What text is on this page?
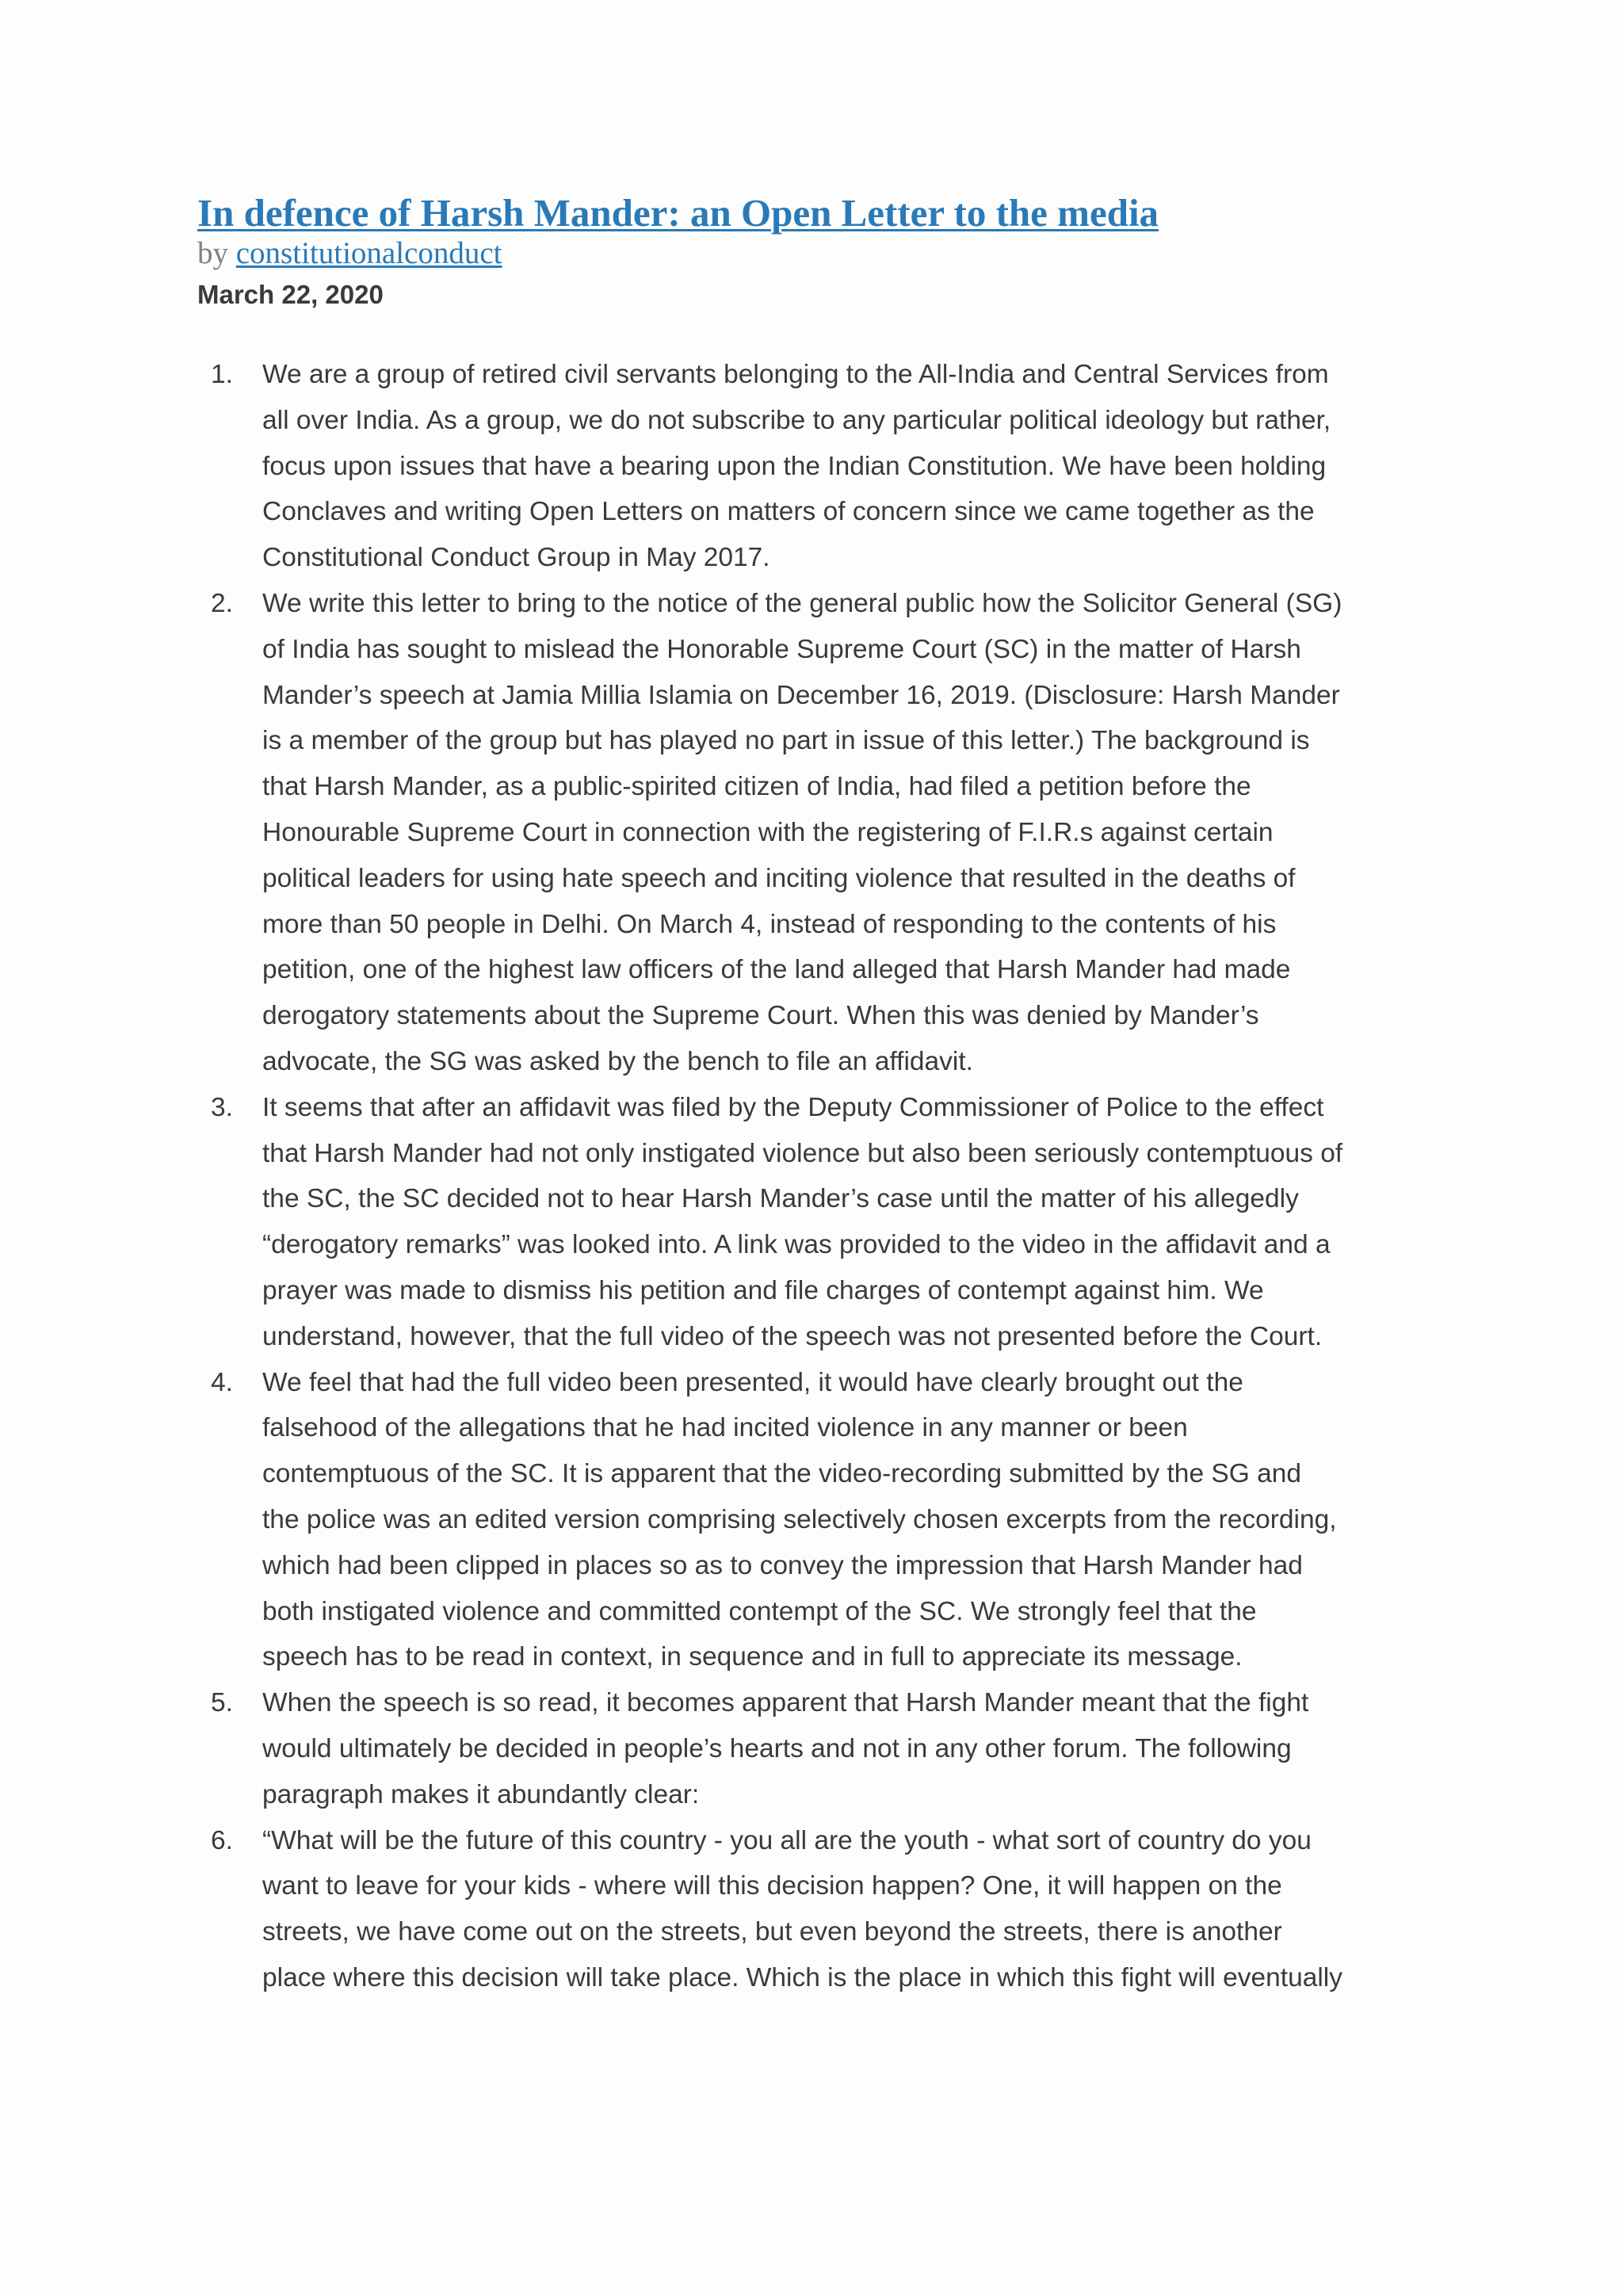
In defence of Harsh Mander: an Open Letter to the media
by constitutionalconduct
March 22, 2020
1.	We are a group of retired civil servants belonging to the All-India and Central Services from
all over India. As a group, we do not subscribe to any particular political ideology but rather,
focus upon issues that have a bearing upon the Indian Constitution. We have been holding
Conclaves and writing Open Letters on matters of concern since we came together as the
Constitutional Conduct Group in May 2017.
2.	We write this letter to bring to the notice of the general public how the Solicitor General (SG)
of India has sought to mislead the Honorable Supreme Court (SC) in the matter of Harsh
Mander’s speech at Jamia Millia Islamia on December 16, 2019. (Disclosure: Harsh Mander
is a member of the group but has played no part in issue of this letter.) The background is
that Harsh Mander, as a public-spirited citizen of India, had filed a petition before the
Honourable Supreme Court in connection with the registering of F.I.R.s against certain
political leaders for using hate speech and inciting violence that resulted in the deaths of
more than 50 people in Delhi. On March 4, instead of responding to the contents of his
petition, one of the highest law officers of the land alleged that Harsh Mander had made
derogatory statements about the Supreme Court. When this was denied by Mander’s
advocate, the SG was asked by the bench to file an affidavit.
3.	It seems that after an affidavit was filed by the Deputy Commissioner of Police to the effect
that Harsh Mander had not only instigated violence but also been seriously contemptuous of
the SC, the SC decided not to hear Harsh Mander’s case until the matter of his allegedly
“derogatory remarks” was looked into. A link was provided to the video in the affidavit and a
prayer was made to dismiss his petition and file charges of contempt against him. We
understand, however, that the full video of the speech was not presented before the Court.
4.	We feel that had the full video been presented, it would have clearly brought out the
falsehood of the allegations that he had incited violence in any manner or been
contemptuous of the SC. It is apparent that the video-recording submitted by the SG and
the police was an edited version comprising selectively chosen excerpts from the recording,
which had been clipped in places so as to convey the impression that Harsh Mander had
both instigated violence and committed contempt of the SC. We strongly feel that the
speech has to be read in context, in sequence and in full to appreciate its message.
5.	When the speech is so read, it becomes apparent that Harsh Mander meant that the fight
would ultimately be decided in people’s hearts and not in any other forum. The following
paragraph makes it abundantly clear:
6.	“What will be the future of this country - you all are the youth - what sort of country do you
want to leave for your kids - where will this decision happen? One, it will happen on the
streets, we have come out on the streets, but even beyond the streets, there is another
place where this decision will take place. Which is the place in which this fight will eventually
